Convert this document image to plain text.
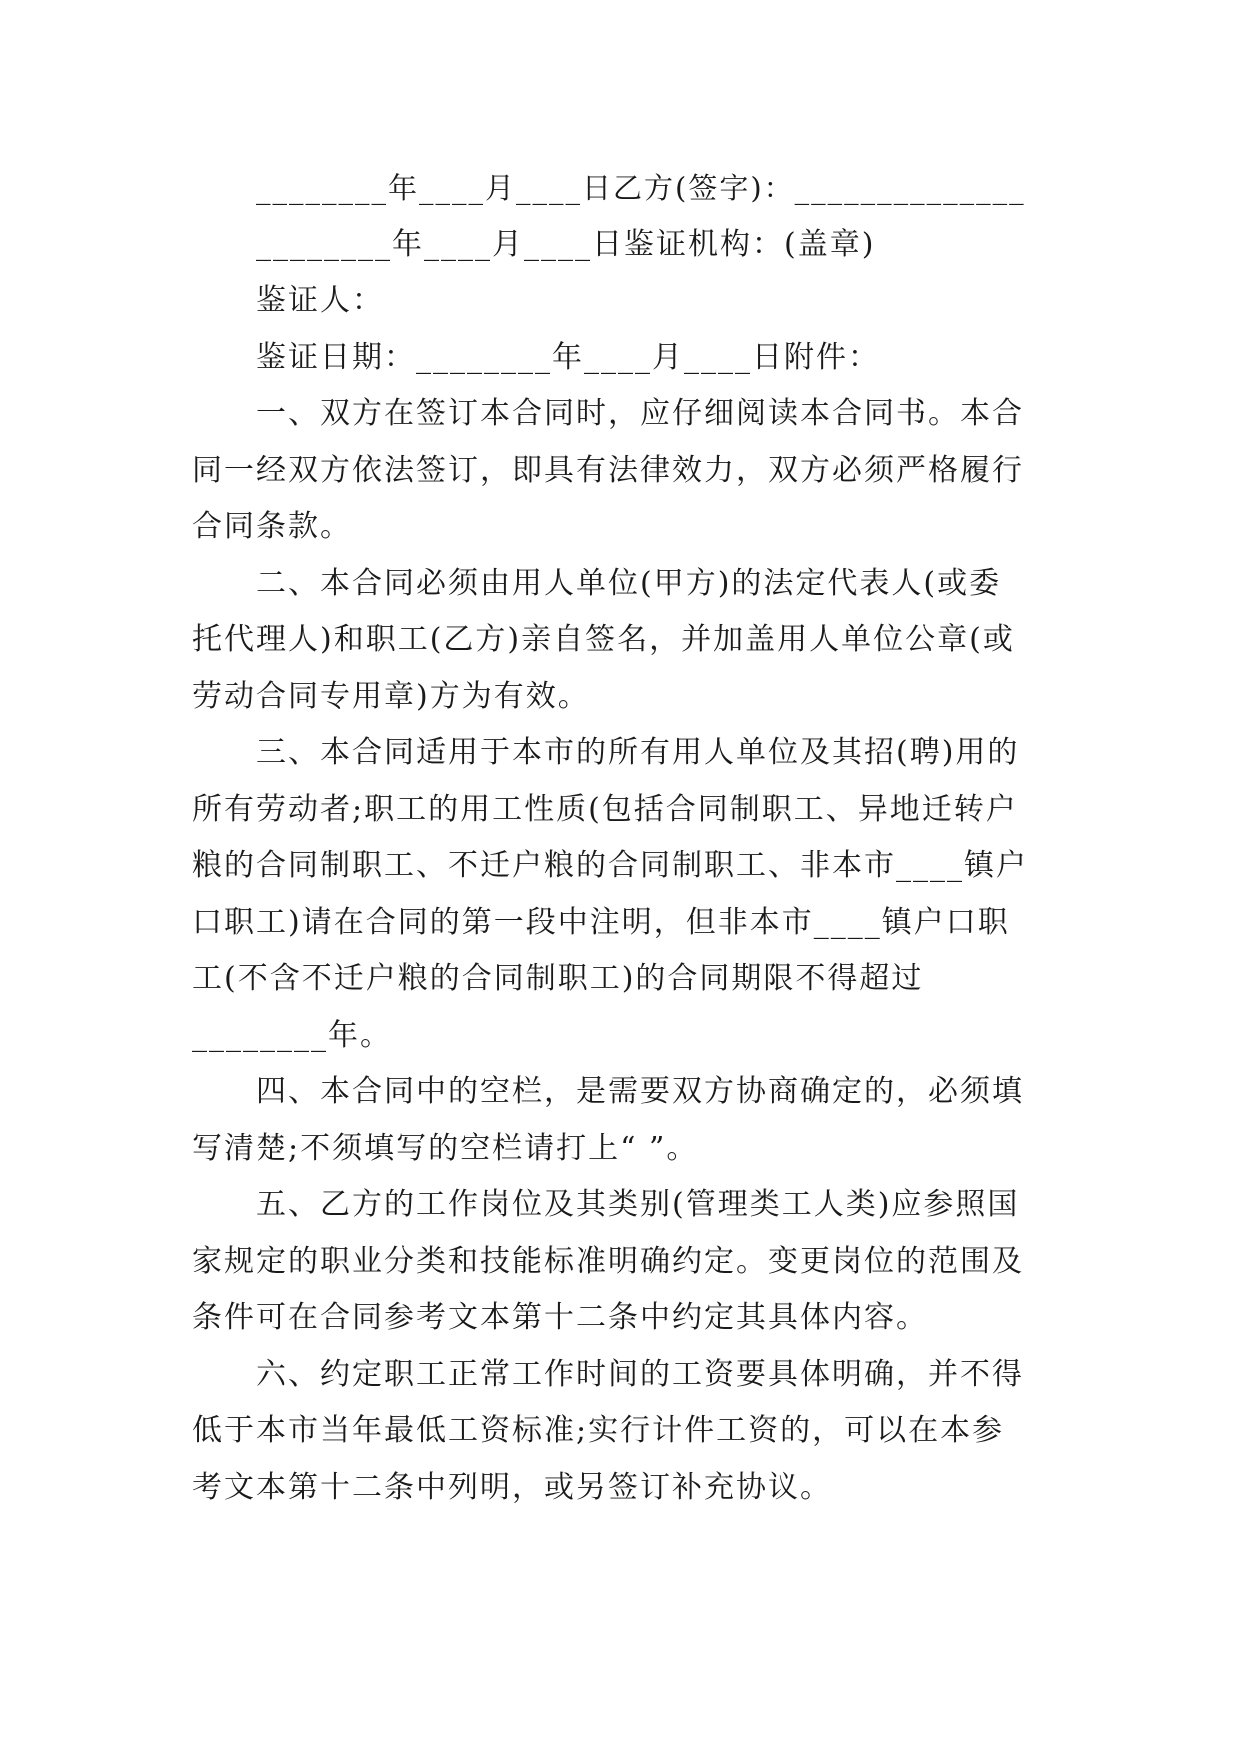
________年____月____日乙方(签字)：______________
________年____月____日鉴证机构：(盖章)
鉴证人：
鉴证日期：________年____月____日附件：
一、双方在签订本合同时，应仔细阅读本合同书。本合
同一经双方依法签订，即具有法律效力，双方必须严格履行
合同条款。
二、本合同必须由用人单位(甲方)的法定代表人(或委
托代理人)和职工(乙方)亲自签名，并加盖用人单位公章(或
劳动合同专用章)方为有效。
三、本合同适用于本市的所有用人单位及其招(聘)用的
所有劳动者;职工的用工性质(包括合同制职工、异地迁转户
粮的合同制职工、不迁户粮的合同制职工、非本市____镇户
口职工)请在合同的第一段中注明，但非本市____镇户口职
工(不含不迁户粮的合同制职工)的合同期限不得超过
________年。
四、本合同中的空栏，是需要双方协商确定的，必须填
写清楚;不须填写的空栏请打上“ ”。
五、乙方的工作岗位及其类别(管理类工人类)应参照国
家规定的职业分类和技能标准明确约定。变更岗位的范围及
条件可在合同参考文本第十二条中约定其具体内容。
六、约定职工正常工作时间的工资要具体明确，并不得
低于本市当年最低工资标准;实行计件工资的，可以在本参
考文本第十二条中列明，或另签订补充协议。
